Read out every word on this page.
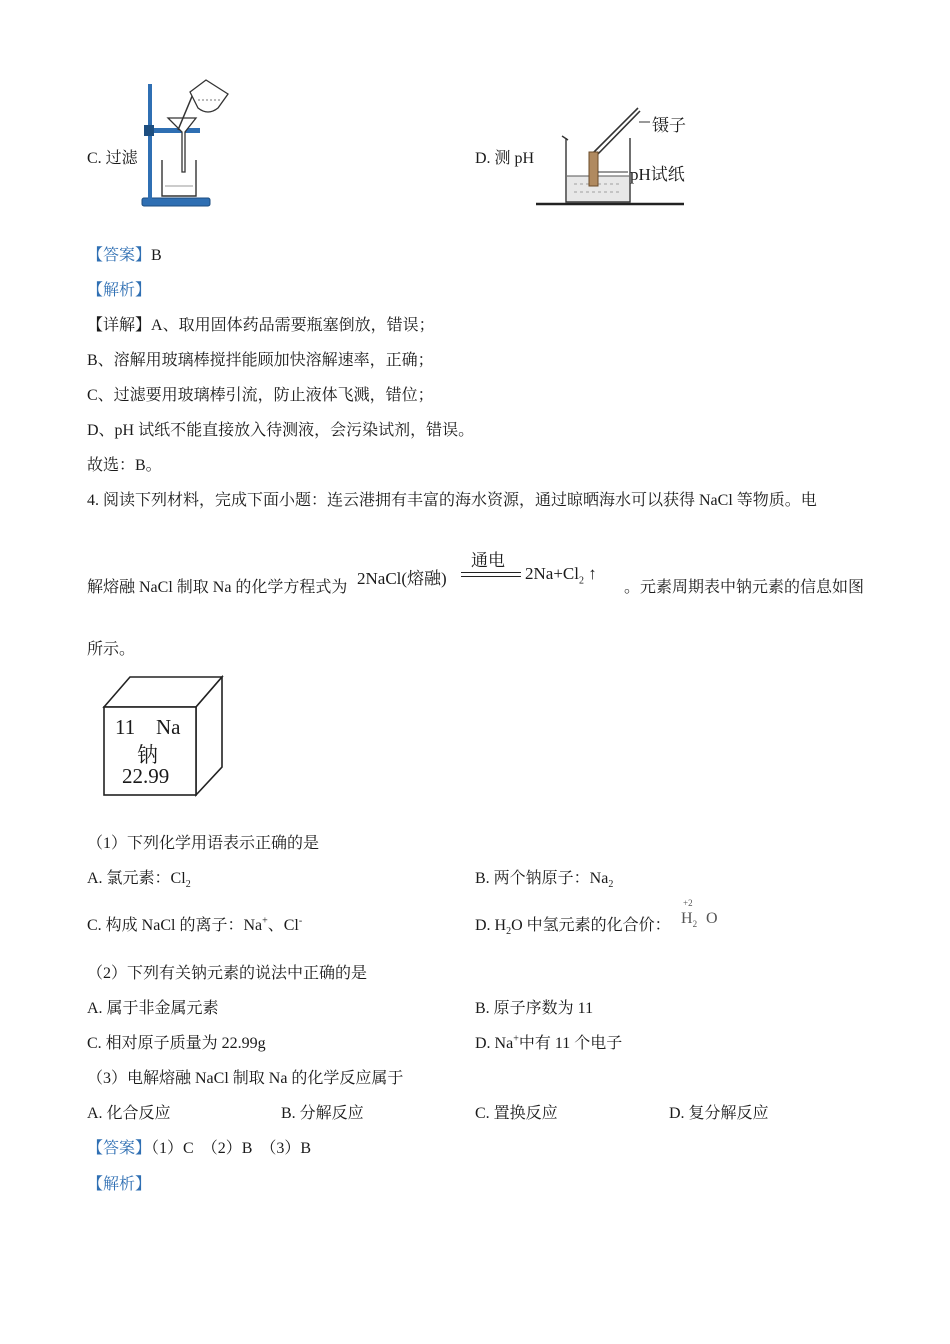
C. 过滤	D. 测 pH
镊子
pH试纸
【答案】B
【解析】
【详解】A、取用固体药品需要瓶塞倒放，错误；
B、溶解用玻璃棒搅拌能顾加快溶解速率，正确；
C、过滤要用玻璃棒引流，防止液体飞溅，错位；
D、pH 试纸不能直接放入待测液，会污染试剂，错误。
故选：B。
4. 阅读下列材料，完成下面小题：连云港拥有丰富的海水资源，通过晾晒海水可以获得 NaCl 等物质。电
解熔融 NaCl 制取 Na 的化学方程式为 2NaCl(熔融)
通电
$2Na+Cl_2$ ↑
。元素周期表中钠元素的信息如图
所示。
11 Na
钠
22.99
（1）下列化学用语表示正确的是
A. 氯元素：$Cl_2$	B. 两个钠原子：$Na_2$
C. 构成 NaCl 的离子：Na+、Cl-	D. $H_2O$ 中氢元素的化合价：
+2
$H_2$ O
（2）下列有关钠元素的说法中正确的是
A. 属于非金属元素	B. 原子序数为 11
C. 相对原子质量为 22.99g	D. Na+中有 11 个电子
（3）电解熔融 NaCl 制取 Na 的化学反应属于
A. 化合反应	B. 分解反应	C. 置换反应	D. 复分解反应
【答案】（1）C　（2）B　（3）B
【解析】
